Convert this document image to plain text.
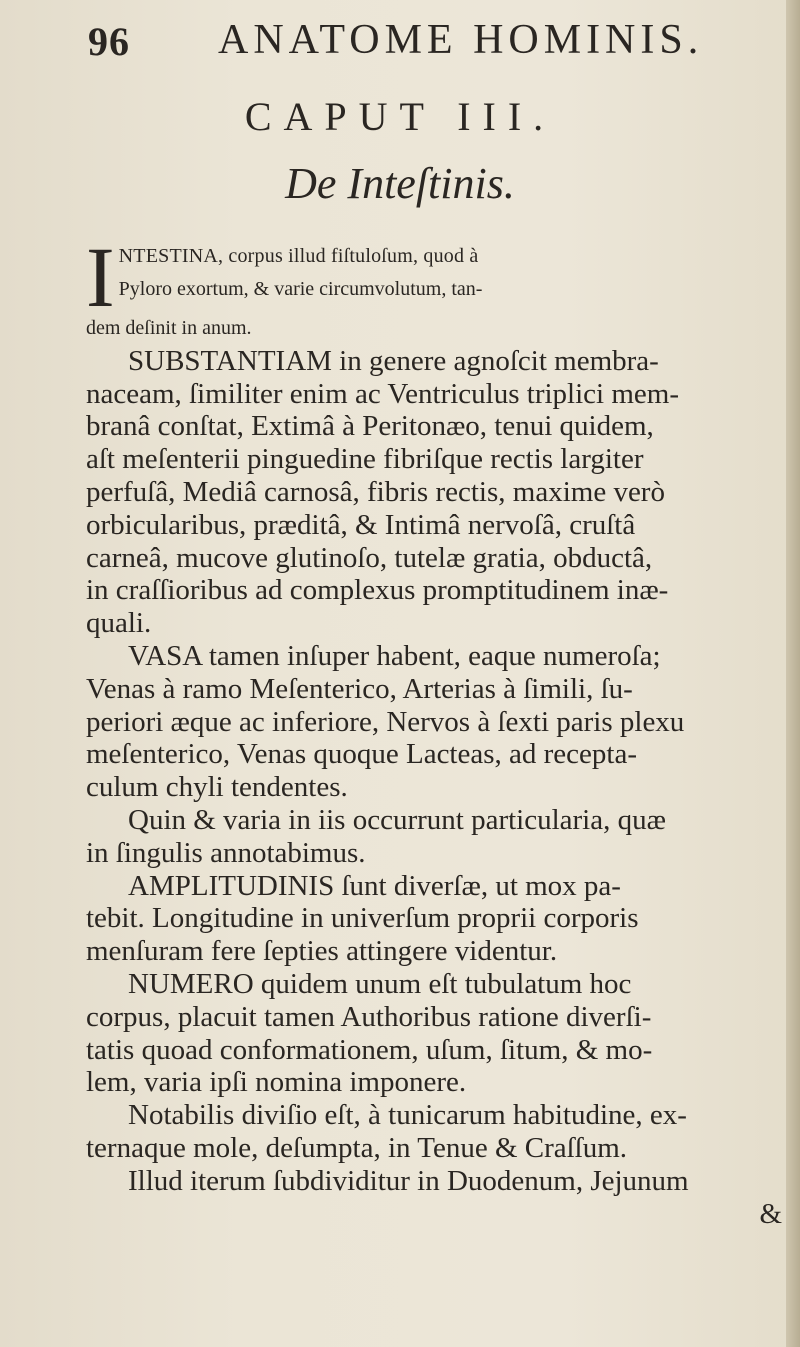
96 ANATOME HOMINIS.
CAPUT III.
De Inteſtinis.
I NTESTINA, corpus illud fiſtuloſum, quod à
Pyloro exortum, & varie circumvolutum, tan-
dem deſinit in anum.
SUBSTANTIAM in genere agnoſcit membra-
naceam, ſimiliter enim ac Ventriculus triplici mem-
branâ conſtat, Extimâ à Peritonæo, tenui quidem,
aſt meſenterii pinguedine fibriſque rectis largiter
perfuſâ, Mediâ carnosâ, fibris rectis, maxime verò
orbicularibus, præditâ, & Intimâ nervoſâ, cruſtâ
carneâ, mucove glutinoſo, tutelæ gratia, obductâ,
in craſſioribus ad complexus promptitudinem inæ-
quali.
VASA tamen inſuper habent, eaque numeroſa;
Venas à ramo Meſenterico, Arterias à ſimili, ſu-
periori æque ac inferiore, Nervos à ſexti paris plexu
meſenterico, Venas quoque Lacteas, ad recepta-
culum chyli tendentes.
Quin & varia in iis occurrunt particularia, quæ
in ſingulis annotabimus.
AMPLITUDINIS ſunt diverſæ, ut mox pa-
tebit. Longitudine in univerſum proprii corporis
menſuram fere ſepties attingere videntur.
NUMERO quidem unum eſt tubulatum hoc
corpus, placuit tamen Authoribus ratione diverſi-
tatis quoad conformationem, uſum, ſitum, & mo-
lem, varia ipſi nomina imponere.
Notabilis diviſio eſt, à tunicarum habitudine, ex-
ternaque mole, deſumpta, in Tenue & Craſſum.
Illud iterum ſubdividitur in Duodenum, Jejunum
&
